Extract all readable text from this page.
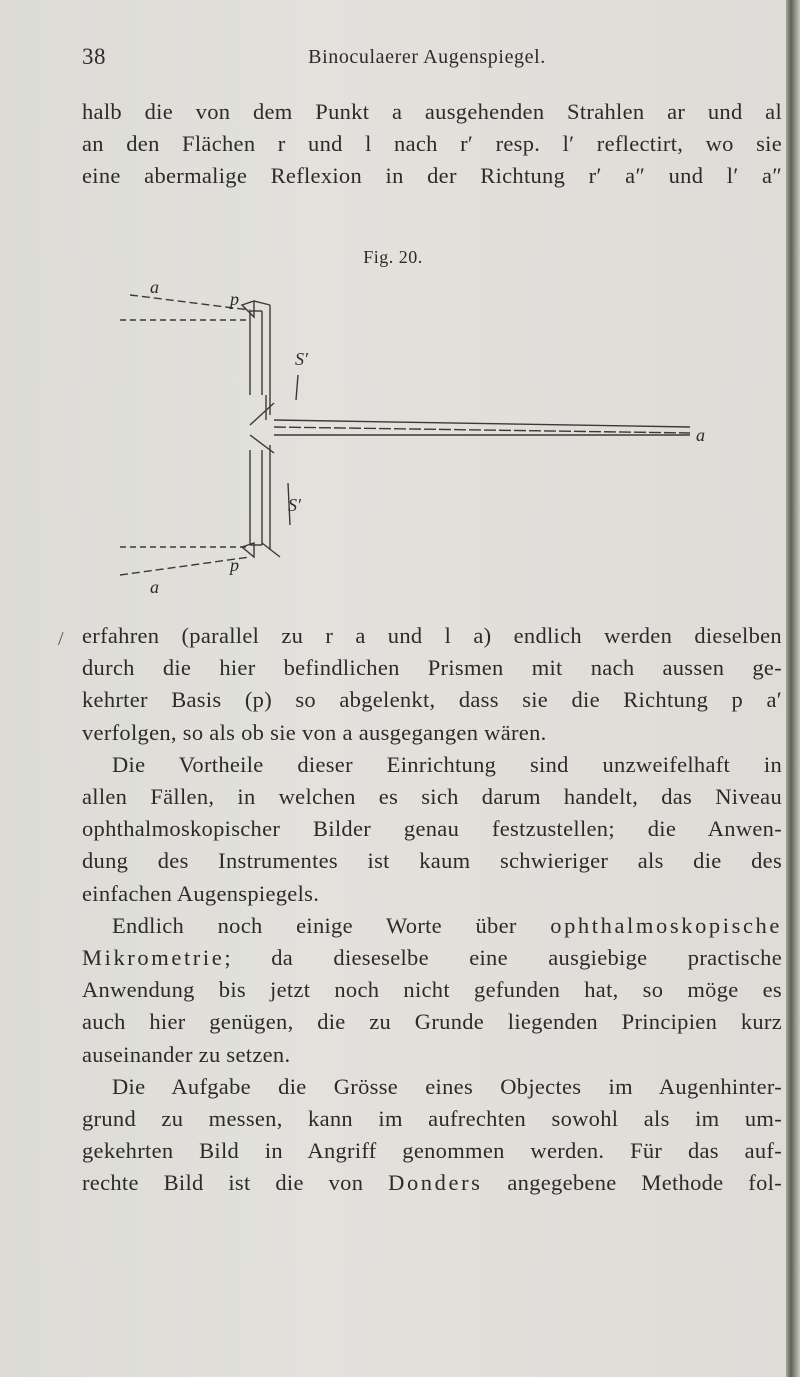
38	Binoculaerer Augenspiegel.
halb die von dem Punkt a ausgehenden Strahlen ar und al
an den Flächen r und l nach r′ resp. l′ reflectirt, wo sie
eine abermalige Reflexion in der Richtung r′ a″ und l′ a″
Fig. 20.
S′
S′
a
a
a
p
p
/ erfahren (parallel zu r a und l a) endlich werden dieselben
durch die hier befindlichen Prismen mit nach aussen ge-
kehrter Basis (p) so abgelenkt, dass sie die Richtung p a′
verfolgen, so als ob sie von a ausgegangen wären.
Die Vortheile dieser Einrichtung sind unzweifelhaft in
allen Fällen, in welchen es sich darum handelt, das Niveau
ophthalmoskopischer Bilder genau festzustellen; die Anwen-
dung des Instrumentes ist kaum schwieriger als die des
einfachen Augenspiegels.
Endlich noch einige Worte über ophthalmoskopische
Mikrometrie; da dieseselbe eine ausgiebige practische
Anwendung bis jetzt noch nicht gefunden hat, so möge es
auch hier genügen, die zu Grunde liegenden Principien kurz
auseinander zu setzen.
Die Aufgabe die Grösse eines Objectes im Augenhinter-
grund zu messen, kann im aufrechten sowohl als im um-
gekehrten Bild in Angriff genommen werden. Für das auf-
rechte Bild ist die von Donders angegebene Methode fol-
